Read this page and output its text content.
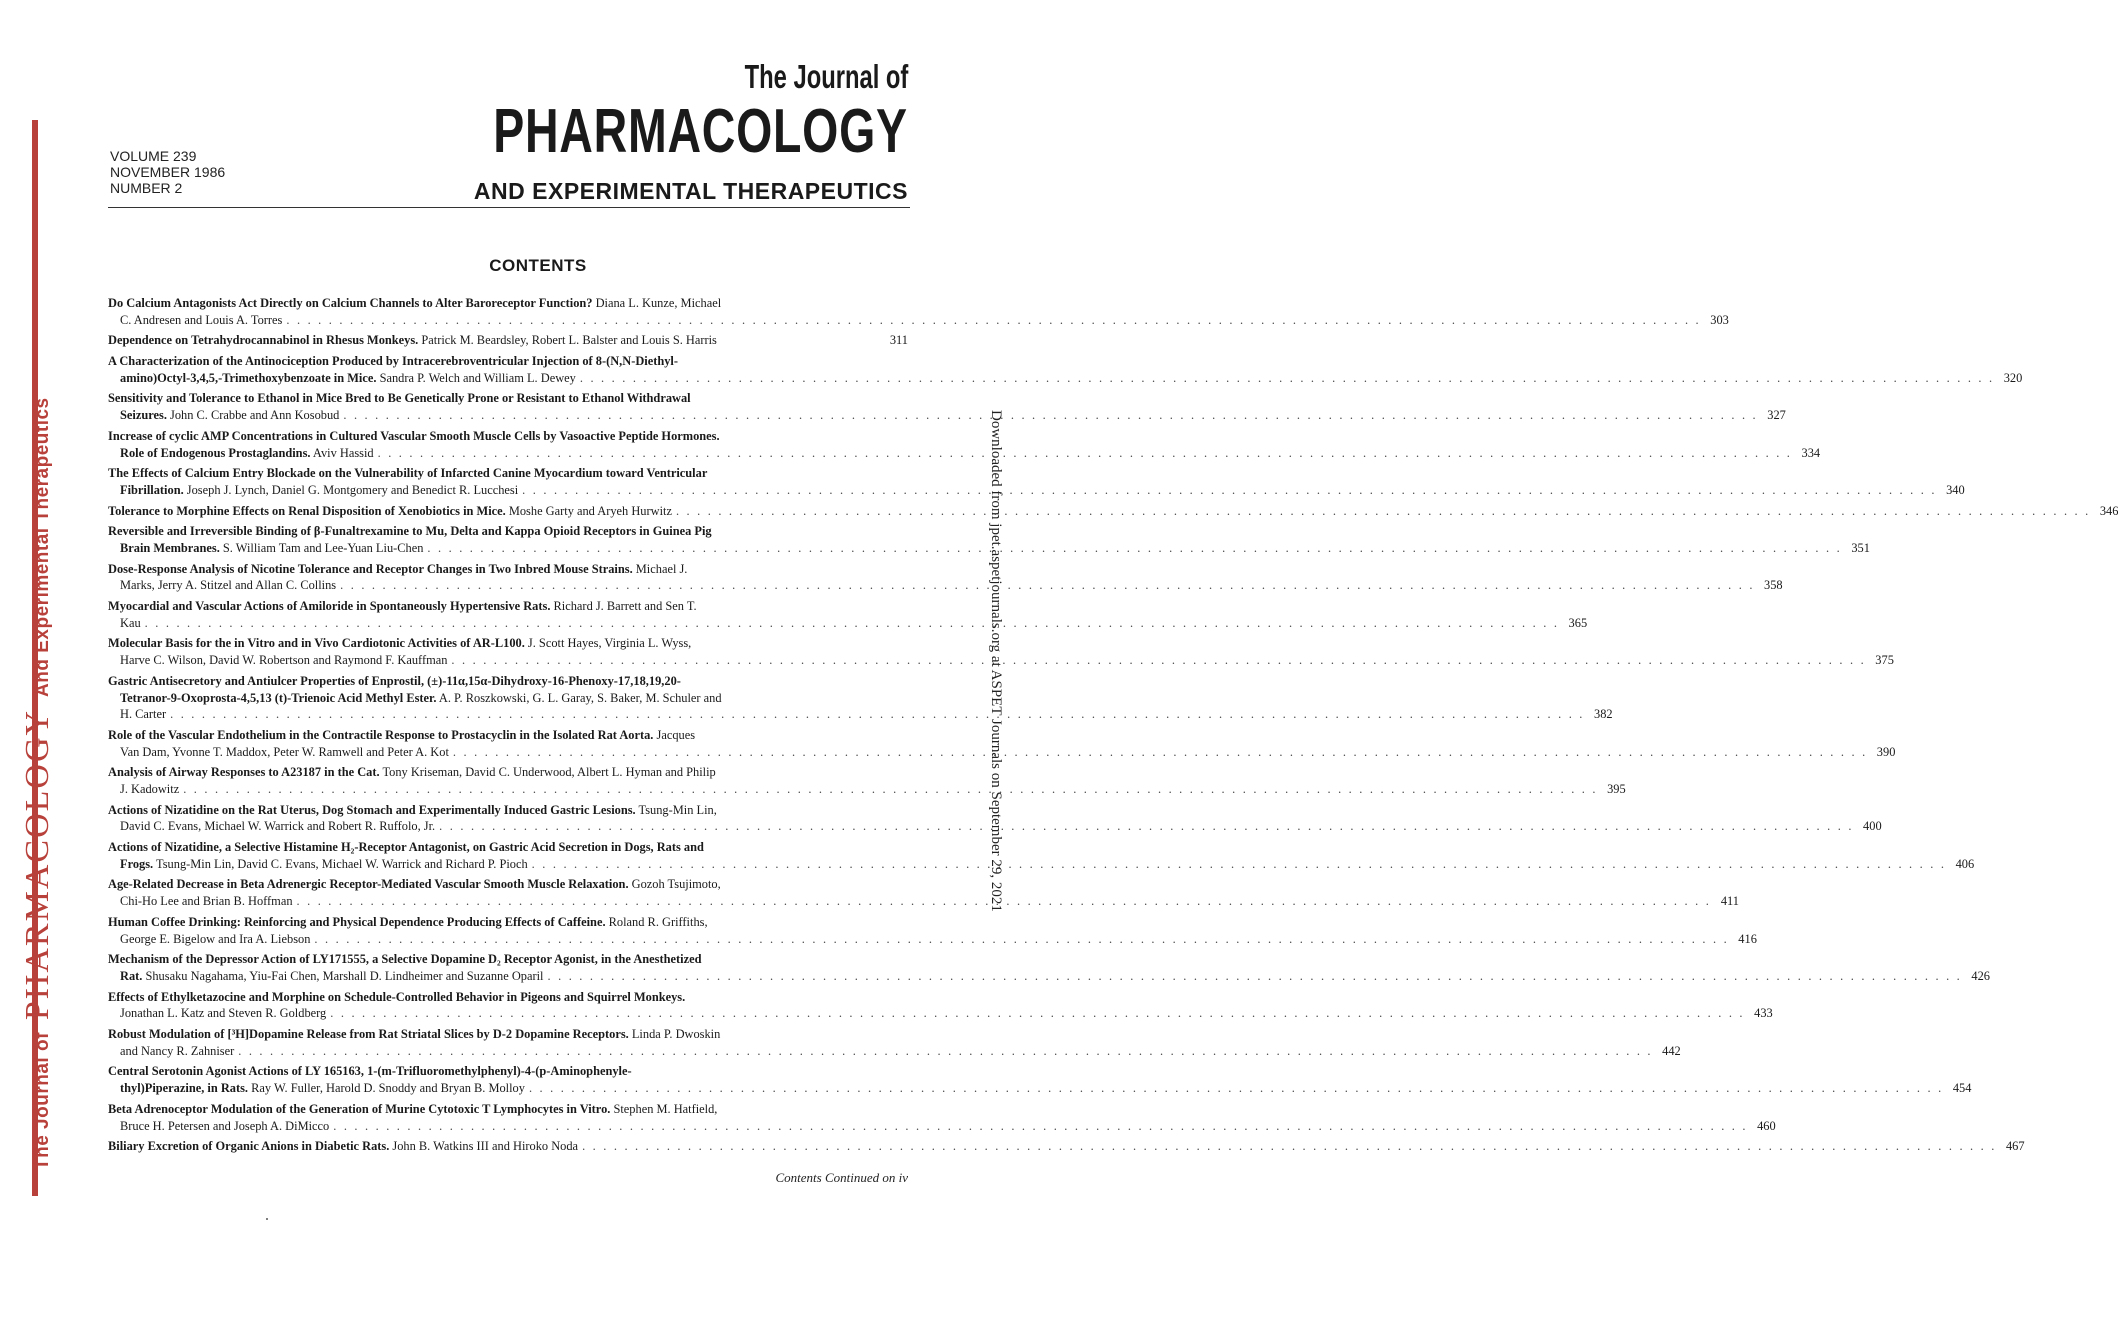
The Journal ofPHARMACOLOGYAnd Experimental Therapeutics	Downloaded from jpet.aspetjournals.org at ASPET Journals on September 29, 2021
The Journal of
PHARMACOLOGY
AND EXPERIMENTAL THERAPEUTICS
VOLUME 239
NOVEMBER 1986
NUMBER 2
CONTENTS
Do Calcium Antagonists Act Directly on Calcium Channels to Alter Baroreceptor Function? Diana L. Kunze, Michael
C. Andresen and Louis A. Torres . . . . . . . . . . . . . . . . . . . . . . . . . . . . . . . . . . . . . . . . . . . . . . . . . . . . . . . . . . . . . . . . . . . . . . . . . . . . . . . . . . . . . . . . . . . . . . . . . . . . . . . . . . . . . . . . . . . . . . . . . . . . . . . . . . . . . . 303
Dependence on Tetrahydrocannabinol in Rhesus Monkeys. Patrick M. Beardsley, Robert L. Balster and Louis S. Harris	311
A Characterization of the Antinociception Produced by Intracerebroventricular Injection of 8-(N,N-Diethyl-
amino)Octyl-3,4,5,-Trimethoxybenzoate in Mice. Sandra P. Welch and William L. Dewey . . . . . . . . . . . . . . . . . . . . . . . . . . . . . . . . . . . . . . . . . . . . . . . . . . . . . . . . . . . . . . . . . . . . . . . . . . . . . . . . . . . . . . . . . . . . . . . . . . . . . . . . . . . . . . . . . . . . . . . . . . . . . . . . . . . . . . 320
Sensitivity and Tolerance to Ethanol in Mice Bred to Be Genetically Prone or Resistant to Ethanol Withdrawal
Seizures. John C. Crabbe and Ann Kosobud . . . . . . . . . . . . . . . . . . . . . . . . . . . . . . . . . . . . . . . . . . . . . . . . . . . . . . . . . . . . . . . . . . . . . . . . . . . . . . . . . . . . . . . . . . . . . . . . . . . . . . . . . . . . . . . . . . . . . . . . . . . . . . . . . . . . . . 327
Increase of cyclic AMP Concentrations in Cultured Vascular Smooth Muscle Cells by Vasoactive Peptide Hormones.
Role of Endogenous Prostaglandins. Aviv Hassid . . . . . . . . . . . . . . . . . . . . . . . . . . . . . . . . . . . . . . . . . . . . . . . . . . . . . . . . . . . . . . . . . . . . . . . . . . . . . . . . . . . . . . . . . . . . . . . . . . . . . . . . . . . . . . . . . . . . . . . . . . . . . . . . . . . . . . 334
The Effects of Calcium Entry Blockade on the Vulnerability of Infarcted Canine Myocardium toward Ventricular
Fibrillation. Joseph J. Lynch, Daniel G. Montgomery and Benedict R. Lucchesi . . . . . . . . . . . . . . . . . . . . . . . . . . . . . . . . . . . . . . . . . . . . . . . . . . . . . . . . . . . . . . . . . . . . . . . . . . . . . . . . . . . . . . . . . . . . . . . . . . . . . . . . . . . . . . . . . . . . . . . . . . . . . . . . . . . . . . 340
Tolerance to Morphine Effects on Renal Disposition of Xenobiotics in Mice. Moshe Garty and Aryeh Hurwitz . . . . . . . . . . . . . . . . . . . . . . . . . . . . . . . . . . . . . . . . . . . . . . . . . . . . . . . . . . . . . . . . . . . . . . . . . . . . . . . . . . . . . . . . . . . . . . . . . . . . . . . . . . . . . . . . . . . . . . . . . . . . . . . . . . . . . . 346
Reversible and Irreversible Binding of β-Funaltrexamine to Mu, Delta and Kappa Opioid Receptors in Guinea Pig
Brain Membranes. S. William Tam and Lee-Yuan Liu-Chen . . . . . . . . . . . . . . . . . . . . . . . . . . . . . . . . . . . . . . . . . . . . . . . . . . . . . . . . . . . . . . . . . . . . . . . . . . . . . . . . . . . . . . . . . . . . . . . . . . . . . . . . . . . . . . . . . . . . . . . . . . . . . . . . . . . . . . 351
Dose-Response Analysis of Nicotine Tolerance and Receptor Changes in Two Inbred Mouse Strains. Michael J.
Marks, Jerry A. Stitzel and Allan C. Collins . . . . . . . . . . . . . . . . . . . . . . . . . . . . . . . . . . . . . . . . . . . . . . . . . . . . . . . . . . . . . . . . . . . . . . . . . . . . . . . . . . . . . . . . . . . . . . . . . . . . . . . . . . . . . . . . . . . . . . . . . . . . . . . . . . . . . . 358
Myocardial and Vascular Actions of Amiloride in Spontaneously Hypertensive Rats. Richard J. Barrett and Sen T.
Kau . . . . . . . . . . . . . . . . . . . . . . . . . . . . . . . . . . . . . . . . . . . . . . . . . . . . . . . . . . . . . . . . . . . . . . . . . . . . . . . . . . . . . . . . . . . . . . . . . . . . . . . . . . . . . . . . . . . . . . . . . . . . . . . . . . . . . . 365
Molecular Basis for the in Vitro and in Vivo Cardiotonic Activities of AR-L100. J. Scott Hayes, Virginia L. Wyss,
Harve C. Wilson, David W. Robertson and Raymond F. Kauffman . . . . . . . . . . . . . . . . . . . . . . . . . . . . . . . . . . . . . . . . . . . . . . . . . . . . . . . . . . . . . . . . . . . . . . . . . . . . . . . . . . . . . . . . . . . . . . . . . . . . . . . . . . . . . . . . . . . . . . . . . . . . . . . . . . . . . . 375
Gastric Antisecretory and Antiulcer Properties of Enprostil, (±)-11α,15α-Dihydroxy-16-Phenoxy-17,18,19,20-
Tetranor-9-Oxoprosta-4,5,13 (t)-Trienoic Acid Methyl Ester. A. P. Roszkowski, G. L. Garay, S. Baker, M. Schuler and
H. Carter . . . . . . . . . . . . . . . . . . . . . . . . . . . . . . . . . . . . . . . . . . . . . . . . . . . . . . . . . . . . . . . . . . . . . . . . . . . . . . . . . . . . . . . . . . . . . . . . . . . . . . . . . . . . . . . . . . . . . . . . . . . . . . . . . . . . . . 382
Role of the Vascular Endothelium in the Contractile Response to Prostacyclin in the Isolated Rat Aorta. Jacques
Van Dam, Yvonne T. Maddox, Peter W. Ramwell and Peter A. Kot . . . . . . . . . . . . . . . . . . . . . . . . . . . . . . . . . . . . . . . . . . . . . . . . . . . . . . . . . . . . . . . . . . . . . . . . . . . . . . . . . . . . . . . . . . . . . . . . . . . . . . . . . . . . . . . . . . . . . . . . . . . . . . . . . . . . . . 390
Analysis of Airway Responses to A23187 in the Cat. Tony Kriseman, David C. Underwood, Albert L. Hyman and Philip
J. Kadowitz . . . . . . . . . . . . . . . . . . . . . . . . . . . . . . . . . . . . . . . . . . . . . . . . . . . . . . . . . . . . . . . . . . . . . . . . . . . . . . . . . . . . . . . . . . . . . . . . . . . . . . . . . . . . . . . . . . . . . . . . . . . . . . . . . . . . . . 395
Actions of Nizatidine on the Rat Uterus, Dog Stomach and Experimentally Induced Gastric Lesions. Tsung-Min Lin,
David C. Evans, Michael W. Warrick and Robert R. Ruffolo, Jr. . . . . . . . . . . . . . . . . . . . . . . . . . . . . . . . . . . . . . . . . . . . . . . . . . . . . . . . . . . . . . . . . . . . . . . . . . . . . . . . . . . . . . . . . . . . . . . . . . . . . . . . . . . . . . . . . . . . . . . . . . . . . . . . . . . . . . . 400
Actions of Nizatidine, a Selective Histamine H₂-Receptor Antagonist, on Gastric Acid Secretion in Dogs, Rats and
Frogs. Tsung-Min Lin, David C. Evans, Michael W. Warrick and Richard P. Pioch . . . . . . . . . . . . . . . . . . . . . . . . . . . . . . . . . . . . . . . . . . . . . . . . . . . . . . . . . . . . . . . . . . . . . . . . . . . . . . . . . . . . . . . . . . . . . . . . . . . . . . . . . . . . . . . . . . . . . . . . . . . . . . . . . . . . . . 406
Age-Related Decrease in Beta Adrenergic Receptor-Mediated Vascular Smooth Muscle Relaxation. Gozoh Tsujimoto,
Chi-Ho Lee and Brian B. Hoffman . . . . . . . . . . . . . . . . . . . . . . . . . . . . . . . . . . . . . . . . . . . . . . . . . . . . . . . . . . . . . . . . . . . . . . . . . . . . . . . . . . . . . . . . . . . . . . . . . . . . . . . . . . . . . . . . . . . . . . . . . . . . . . . . . . . . . . 411
Human Coffee Drinking: Reinforcing and Physical Dependence Producing Effects of Caffeine. Roland R. Griffiths,
George E. Bigelow and Ira A. Liebson . . . . . . . . . . . . . . . . . . . . . . . . . . . . . . . . . . . . . . . . . . . . . . . . . . . . . . . . . . . . . . . . . . . . . . . . . . . . . . . . . . . . . . . . . . . . . . . . . . . . . . . . . . . . . . . . . . . . . . . . . . . . . . . . . . . . . . 416
Mechanism of the Depressor Action of LY171555, a Selective Dopamine D₂ Receptor Agonist, in the Anesthetized
Rat. Shusaku Nagahama, Yiu-Fai Chen, Marshall D. Lindheimer and Suzanne Oparil . . . . . . . . . . . . . . . . . . . . . . . . . . . . . . . . . . . . . . . . . . . . . . . . . . . . . . . . . . . . . . . . . . . . . . . . . . . . . . . . . . . . . . . . . . . . . . . . . . . . . . . . . . . . . . . . . . . . . . . . . . . . . . . . . . . . . . 426
Effects of Ethylketazocine and Morphine on Schedule-Controlled Behavior in Pigeons and Squirrel Monkeys.
Jonathan L. Katz and Steven R. Goldberg . . . . . . . . . . . . . . . . . . . . . . . . . . . . . . . . . . . . . . . . . . . . . . . . . . . . . . . . . . . . . . . . . . . . . . . . . . . . . . . . . . . . . . . . . . . . . . . . . . . . . . . . . . . . . . . . . . . . . . . . . . . . . . . . . . . . . . 433
Robust Modulation of [³H]Dopamine Release from Rat Striatal Slices by D-2 Dopamine Receptors. Linda P. Dwoskin
and Nancy R. Zahniser . . . . . . . . . . . . . . . . . . . . . . . . . . . . . . . . . . . . . . . . . . . . . . . . . . . . . . . . . . . . . . . . . . . . . . . . . . . . . . . . . . . . . . . . . . . . . . . . . . . . . . . . . . . . . . . . . . . . . . . . . . . . . . . . . . . . . . 442
Central Serotonin Agonist Actions of LY 165163, 1-(m-Trifluoromethylphenyl)-4-(p-Aminophenyle-
thyl)Piperazine, in Rats. Ray W. Fuller, Harold D. Snoddy and Bryan B. Molloy . . . . . . . . . . . . . . . . . . . . . . . . . . . . . . . . . . . . . . . . . . . . . . . . . . . . . . . . . . . . . . . . . . . . . . . . . . . . . . . . . . . . . . . . . . . . . . . . . . . . . . . . . . . . . . . . . . . . . . . . . . . . . . . . . . . . . . 454
Beta Adrenoceptor Modulation of the Generation of Murine Cytotoxic T Lymphocytes in Vitro. Stephen M. Hatfield,
Bruce H. Petersen and Joseph A. DiMicco . . . . . . . . . . . . . . . . . . . . . . . . . . . . . . . . . . . . . . . . . . . . . . . . . . . . . . . . . . . . . . . . . . . . . . . . . . . . . . . . . . . . . . . . . . . . . . . . . . . . . . . . . . . . . . . . . . . . . . . . . . . . . . . . . . . . . . 460
Biliary Excretion of Organic Anions in Diabetic Rats. John B. Watkins III and Hiroko Noda . . . . . . . . . . . . . . . . . . . . . . . . . . . . . . . . . . . . . . . . . . . . . . . . . . . . . . . . . . . . . . . . . . . . . . . . . . . . . . . . . . . . . . . . . . . . . . . . . . . . . . . . . . . . . . . . . . . . . . . . . . . . . . . . . . . . . . 467
Contents Continued on iv
